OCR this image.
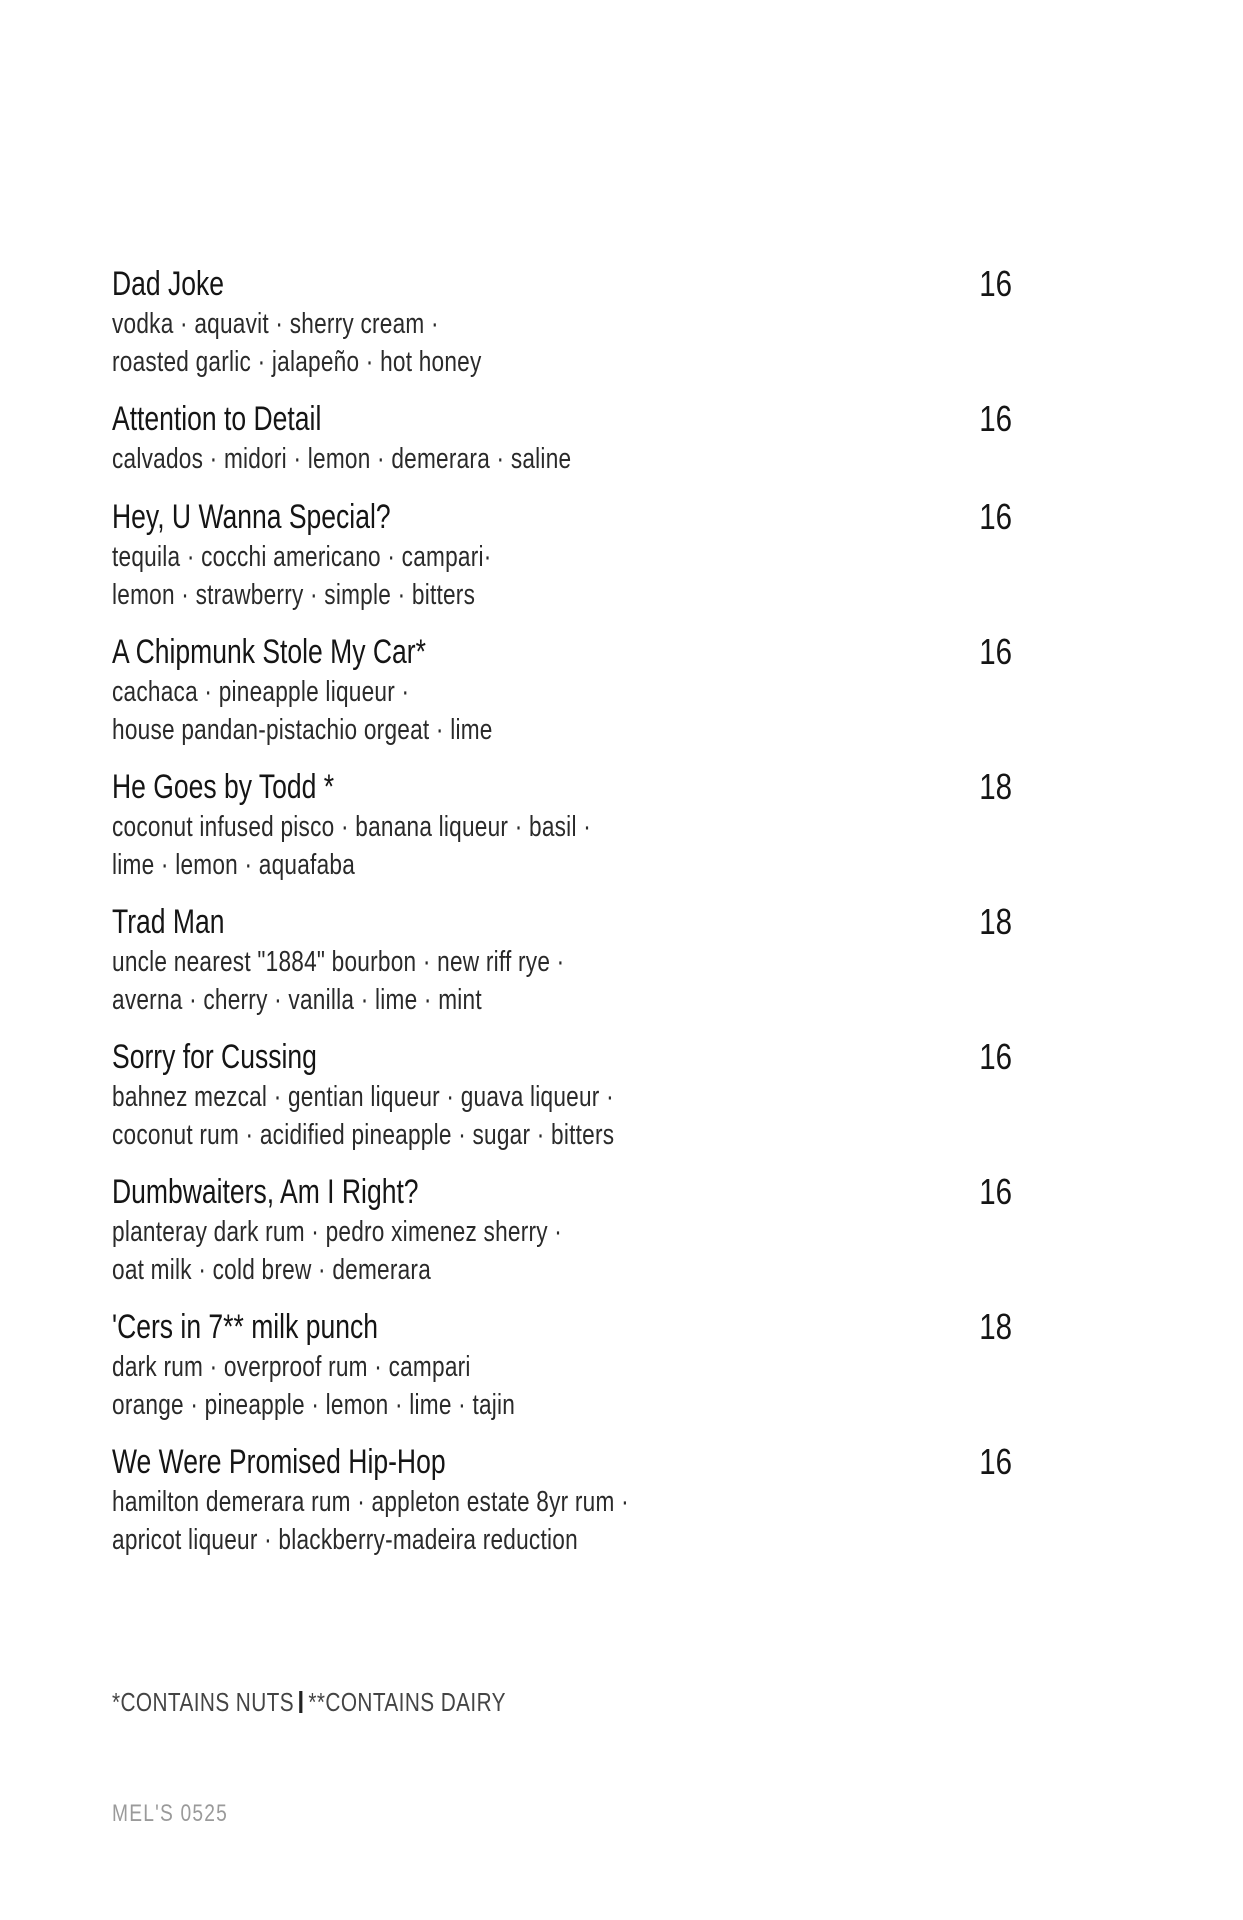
Dad Joke	16
vodka · aquavit · sherry cream ·
roasted garlic · jalapeño · hot honey
Attention to Detail	16
calvados · midori · lemon · demerara · saline
Hey, U Wanna Special?	16
tequila · cocchi americano · campari·
lemon · strawberry · simple · bitters
A Chipmunk Stole My Car*	16
cachaca · pineapple liqueur ·
house pandan-pistachio orgeat · lime
He Goes by Todd *	18
coconut infused pisco · banana liqueur · basil ·
lime · lemon · aquafaba
Trad Man	18
uncle nearest "1884" bourbon · new riff rye ·
averna · cherry · vanilla · lime · mint
Sorry for Cussing	16
bahnez mezcal · gentian liqueur · guava liqueur ·
coconut rum · acidified pineapple · sugar · bitters
Dumbwaiters, Am I Right?	16
planteray dark rum · pedro ximenez sherry ·
oat milk · cold brew · demerara
'Cers in 7** milk punch	18
dark rum · overproof rum · campari
orange · pineapple · lemon · lime · tajin
We Were Promised Hip-Hop	16
hamilton demerara rum · appleton estate 8yr rum ·
apricot liqueur · blackberry-madeira reduction
*CONTAINS NUTS **CONTAINS DAIRY
MEL'S 0525
